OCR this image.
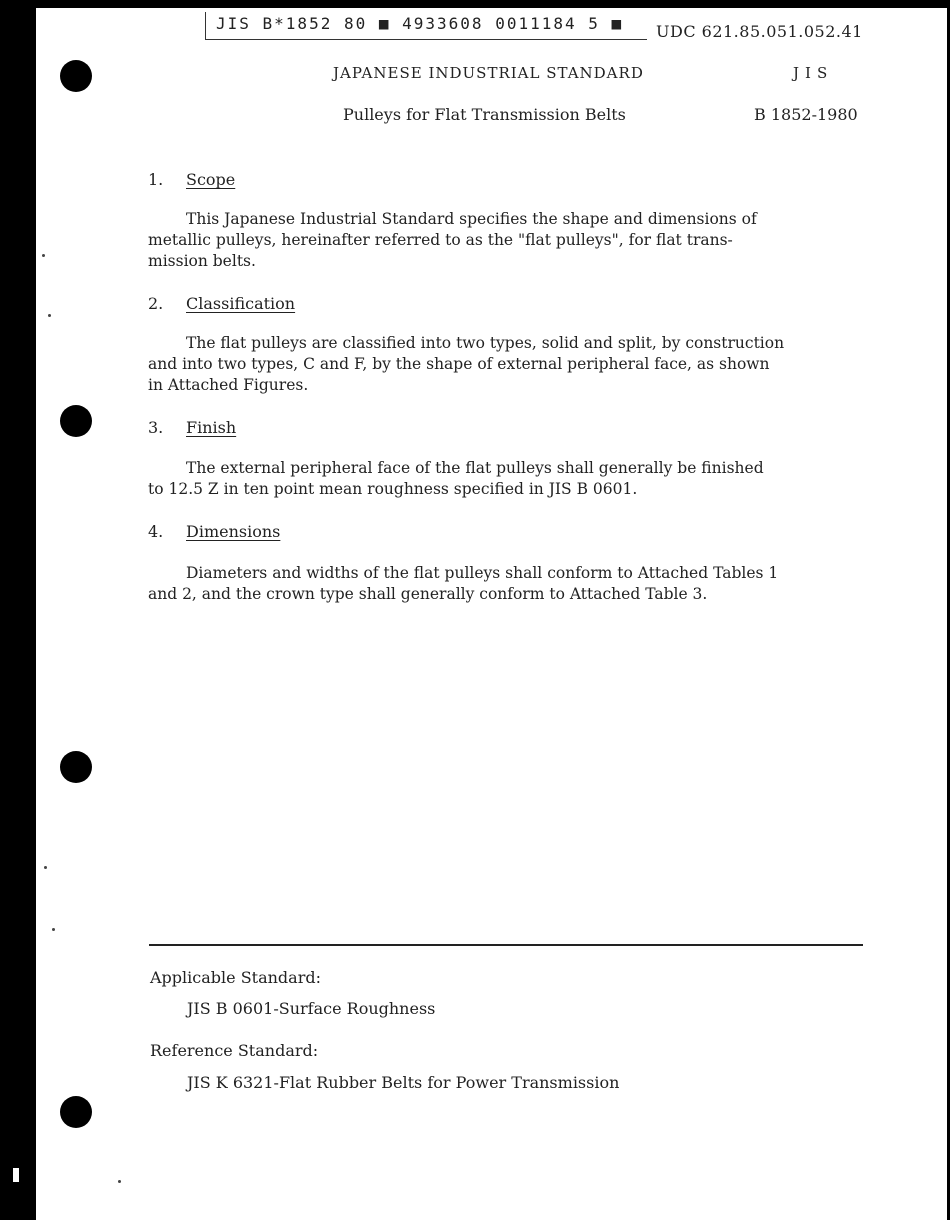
JIS B*1852 80 ■ 4933608 0011184 5 ■	UDC 621.85.051.052.41
JAPANESE INDUSTRIAL STANDARD	JIS
Pulleys for Flat Transmission Belts	B 1852-1980
1. Scope

This Japanese Industrial Standard specifies the shape and dimensions of
metallic pulleys, hereinafter referred to as the "flat pulleys", for flat trans-
mission belts.

2. Classification

The flat pulleys are classified into two types, solid and split, by construction
and into two types, C and F, by the shape of external peripheral face, as shown
in Attached Figures.

3. Finish

The external peripheral face of the flat pulleys shall generally be finished
to 12.5 Z in ten point mean roughness specified in JIS B 0601.

4. Dimensions

Diameters and widths of the flat pulleys shall conform to Attached Tables 1
and 2, and the crown type shall generally conform to Attached Table 3.

Applicable Standard:
JIS B 0601-Surface Roughness
Reference Standard:
JIS K 6321-Flat Rubber Belts for Power Transmission
